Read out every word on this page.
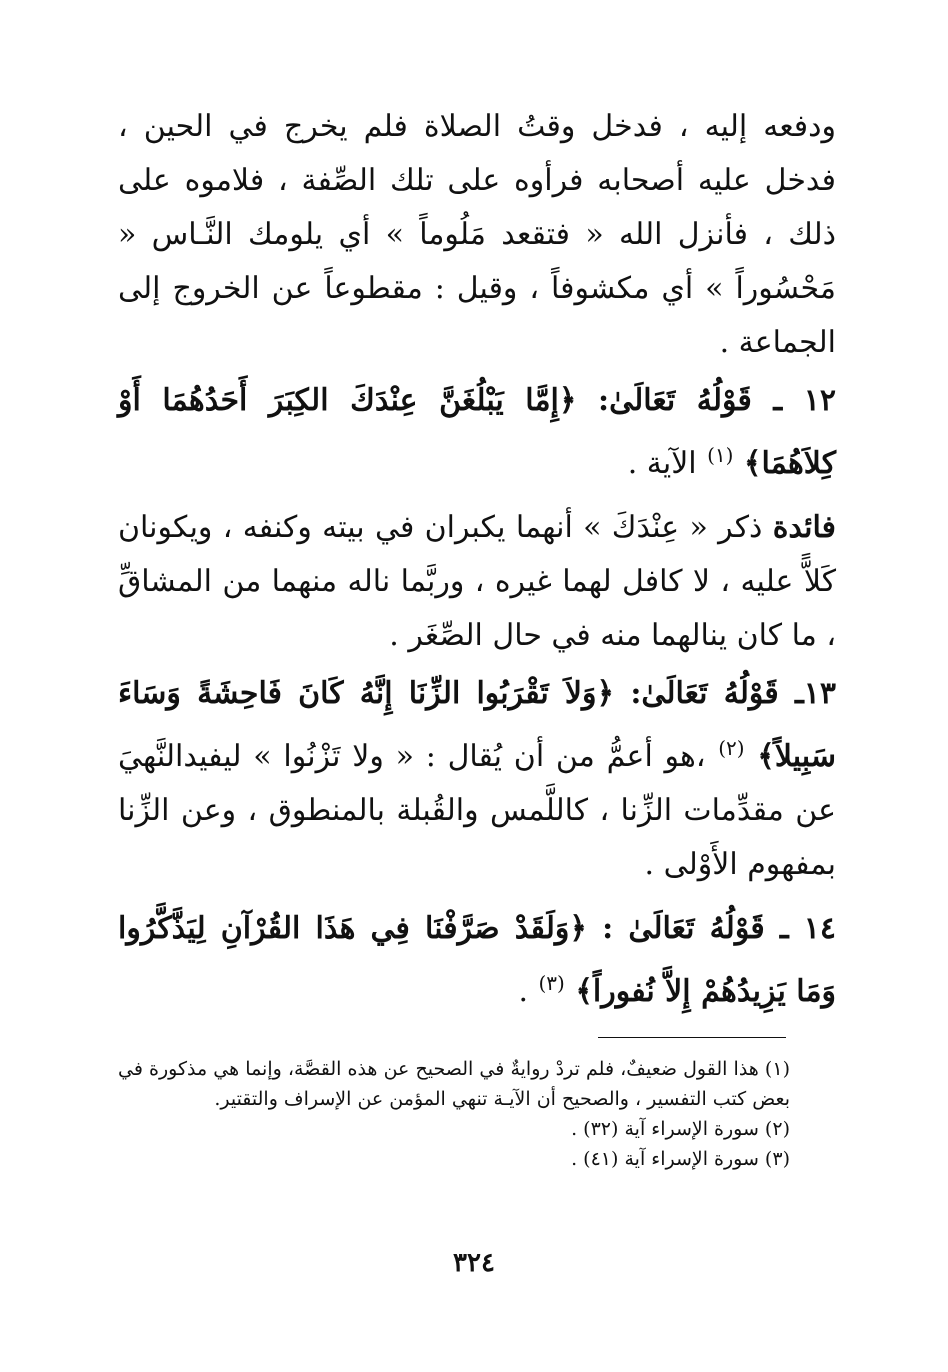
ودفعه إليه ، فدخل وقتُ الصلاة فلم يخرج في الحين ، فدخل عليه أصحابه فرأوه على تلك الصِّفة ، فلاموه على ذلك ، فأنزل الله « فتقعد مَلُوماً » أي يلومك النَّـاس « مَحْسُوراً » أي مكشوفاً ، وقيل : مقطوعاً عن الخروج إلى الجماعة .

١٢ ـ قَوْلُهُ تَعَالَىٰ: ﴿إِمَّا يَبْلُغَنَّ عِنْدَكَ الكِبَرَ أَحَدُهُمَا أَوْ كِلاَهُمَا﴾ $^{(١)}$ الآية .

فائدة ذكر « عِنْدَكَ » أنهما يكبران في بيته وكنفه ، ويكونان كَلاًّ عليه ، لا كافل لهما غيره ، وربَّما ناله منهما من المشاقِّ ، ما كان ينالهما منه في حال الصِّغَر .

١٣ـ قَوْلُهُ تَعَالَىٰ: ﴿وَلاَ تَقْرَبُوا الزِّنَا إِنَّهُ كَانَ فَاحِشَةً وَسَاءَ سَبِيلاً﴾ $^{(٢)}$ ،هو أعمُّ من أن يُقال : « ولا تَزْنُوا » ليفيدالنَّهيَ عن مقدِّمات الزِّنا ، كاللَّمس والقُبلة بالمنطوق ، وعن الزِّنا بمفهوم الأَوْلى .

١٤ ـ قَوْلُهُ تَعَالَىٰ : ﴿وَلَقَدْ صَرَّفْنَا فِي هَذَا القُرْآنِ لِيَذَّكَّرُوا وَمَا يَزِيدُهُمْ إِلاَّ نُفوراً﴾ $^{(٣)}$ .

(١) هذا القول ضعيفٌ، فلم تردْ روايةٌ في الصحيح عن هذه القصَّة، وإنما هي مذكورة في بعض كتب التفسير ، والصحيح أن الآيـة تنهي المؤمن عن الإسراف والتقتير.

(٢) سورة الإسراء آية (٣٢) .

(٣) سورة الإسراء آية (٤١) .

٣٢٤
